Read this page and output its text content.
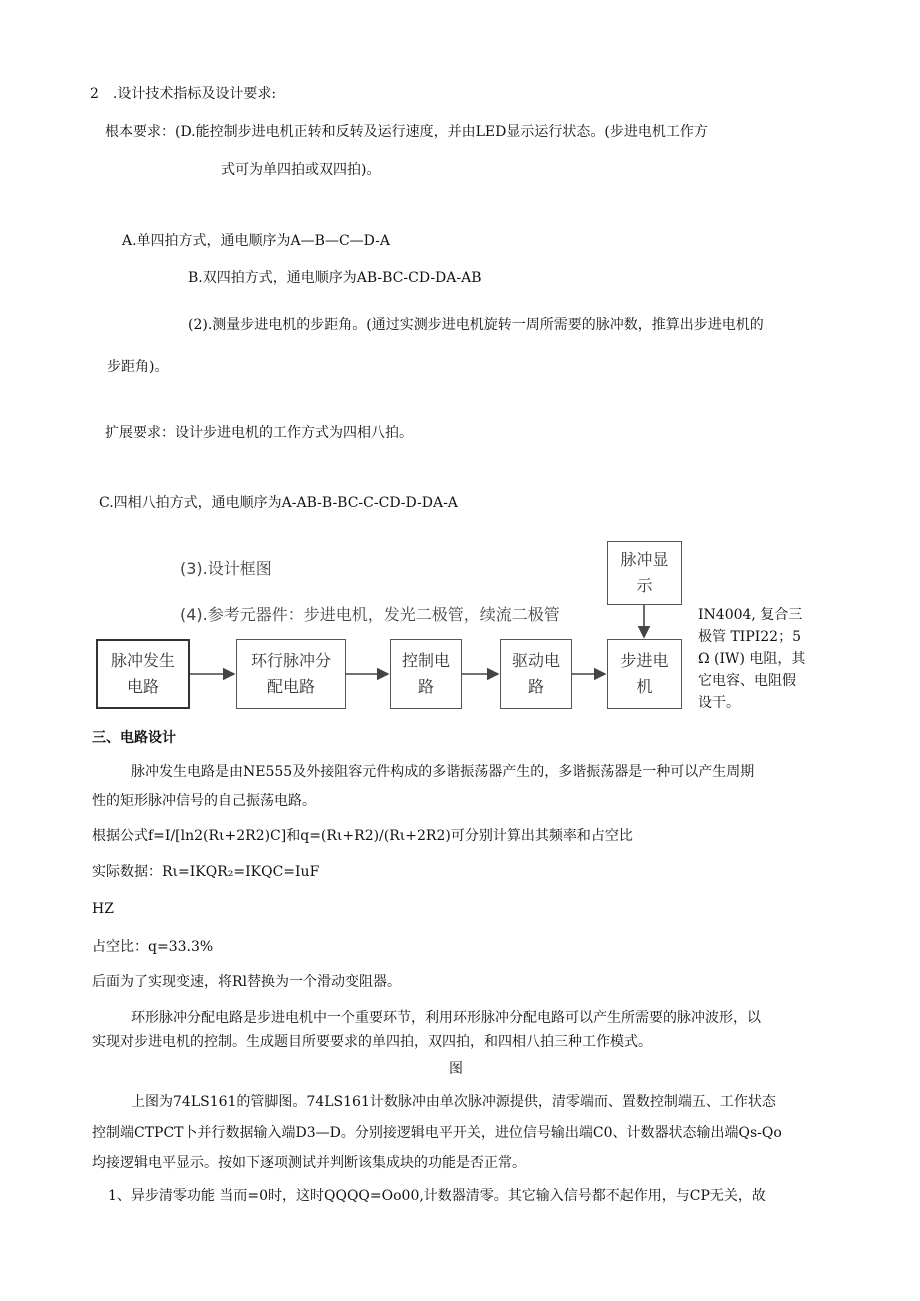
2　.设计技术指标及设计要求:
根本要求：(D.能控制步进电机正转和反转及运行速度，并由LED显示运行状态。(步进电机工作方
式可为单四拍或双四拍)。
A.单四拍方式，通电顺序为A—B—C—D-A
B.双四拍方式，通电顺序为AB-BC-CD-DA-AB
(2).测量步进电机的步距角。(通过实测步进电机旋转一周所需要的脉冲数，推算出步进电机的
步距角)。
扩展要求：设计步进电机的工作方式为四相八拍。
C.四相八拍方式，通电顺序为A-AB-B-BC-C-CD-D-DA-A
(3).设计框图
(4).参考元器件：步进电机，发光二极管，续流二极管
脉冲显
示
脉冲发生
电路
环行脉冲分
配电路
控制电
路
驱动电
路
步进电
机
IN4004, 复合三
极管 TIPI22；5
Ω (IW) 电阻，其
它电容、电阻假
设干。
三、电路设计
脉冲发生电路是由NE555及外接阻容元件构成的多谐振荡器产生的，多谐振荡器是一种可以产生周期
性的矩形脉冲信号的自己振荡电路。
根据公式f=I/[ln2(Rι+2R2)C]和q=(Rι+R2)/(Rι+2R2)可分别计算出其频率和占空比
实际数据：Rι=IKQR₂=IKQC=IuF
HZ
占空比：q=33.3%
后面为了实现变速，将Rl替换为一个滑动变阻器。
环形脉冲分配电路是步进电机中一个重要环节，利用环形脉冲分配电路可以产生所需要的脉冲波形，以
实现对步进电机的控制。生成题目所要要求的单四拍，双四拍，和四相八拍三种工作模式。
图
上图为74LS161的管脚图。74LS161计数脉冲由单次脉冲源提供，清零端而、置数控制端五、工作状态
控制端CTPCT卜并行数据输入端D3—D。分别接逻辑电平开关，进位信号输出端C0、计数器状态输出端Qs-Qo
均接逻辑电平显示。按如下逐项测试并判断该集成块的功能是否正常。
1、异步清零功能 当而=0时，这时QQQQ=Oo00,计数器清零。其它输入信号都不起作用，与CP无关，故
